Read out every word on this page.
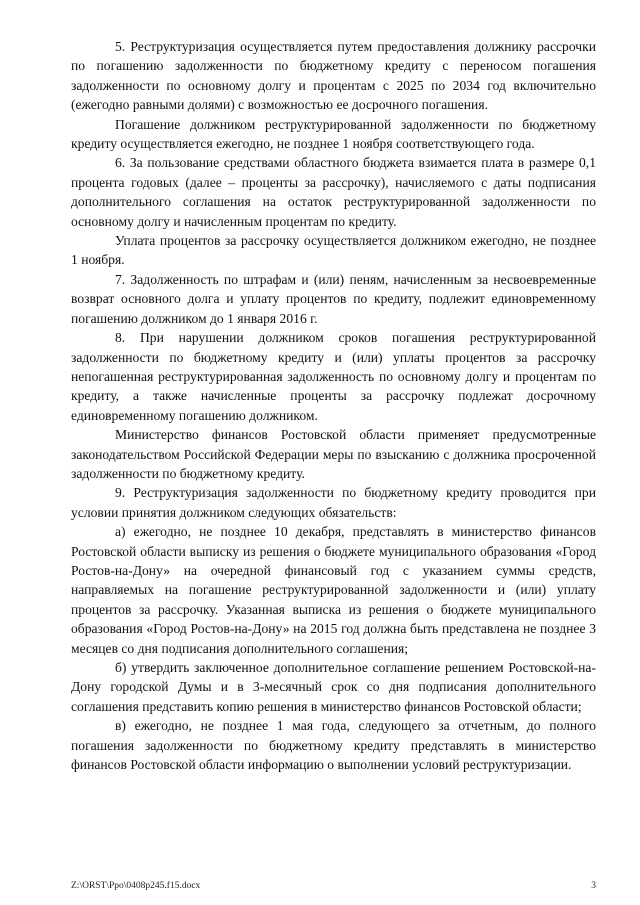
5. Реструктуризация осуществляется путем предоставления должнику рассрочки по погашению задолженности по бюджетному кредиту с переносом погашения задолженности по основному долгу и процентам с 2025 по 2034 год включительно (ежегодно равными долями) с возможностью ее досрочного погашения.

Погашение должником реструктурированной задолженности по бюджетному кредиту осуществляется ежегодно, не позднее 1 ноября соответствующего года.

6. За пользование средствами областного бюджета взимается плата в размере 0,1 процента годовых (далее – проценты за рассрочку), начисляемого с даты подписания дополнительного соглашения на остаток реструктурированной задолженности по основному долгу и начисленным процентам по кредиту.

Уплата процентов за рассрочку осуществляется должником ежегодно, не позднее 1 ноября.

7. Задолженность по штрафам и (или) пеням, начисленным за несвоевременные возврат основного долга и уплату процентов по кредиту, подлежит единовременному погашению должником до 1 января 2016 г.

8. При нарушении должником сроков погашения реструктурированной задолженности по бюджетному кредиту и (или) уплаты процентов за рассрочку непогашенная реструктурированная задолженность по основному долгу и процентам по кредиту, а также начисленные проценты за рассрочку подлежат досрочному единовременному погашению должником.

Министерство финансов Ростовской области применяет предусмотренные законодательством Российской Федерации меры по взысканию с должника просроченной задолженности по бюджетному кредиту.

9. Реструктуризация задолженности по бюджетному кредиту проводится при условии принятия должником следующих обязательств:

а) ежегодно, не позднее 10 декабря, представлять в министерство финансов Ростовской области выписку из решения о бюджете муниципального образования «Город Ростов-на-Дону» на очередной финансовый год с указанием суммы средств, направляемых на погашение реструктурированной задолженности и (или) уплату процентов за рассрочку. Указанная выписка из решения о бюджете муниципального образования «Город Ростов-на-Дону» на 2015 год должна быть представлена не позднее 3 месяцев со дня подписания дополнительного соглашения;

б) утвердить заключенное дополнительное соглашение решением Ростовской-на-Дону городской Думы и в 3-месячный срок со дня подписания дополнительного соглашения представить копию решения в министерство финансов Ростовской области;

в) ежегодно, не позднее 1 мая года, следующего за отчетным, до полного погашения задолженности по бюджетному кредиту представлять в министерство финансов Ростовской области информацию о выполнении условий реструктуризации.

Z:\ORST\Ppo\0408p245.f15.docx	3
